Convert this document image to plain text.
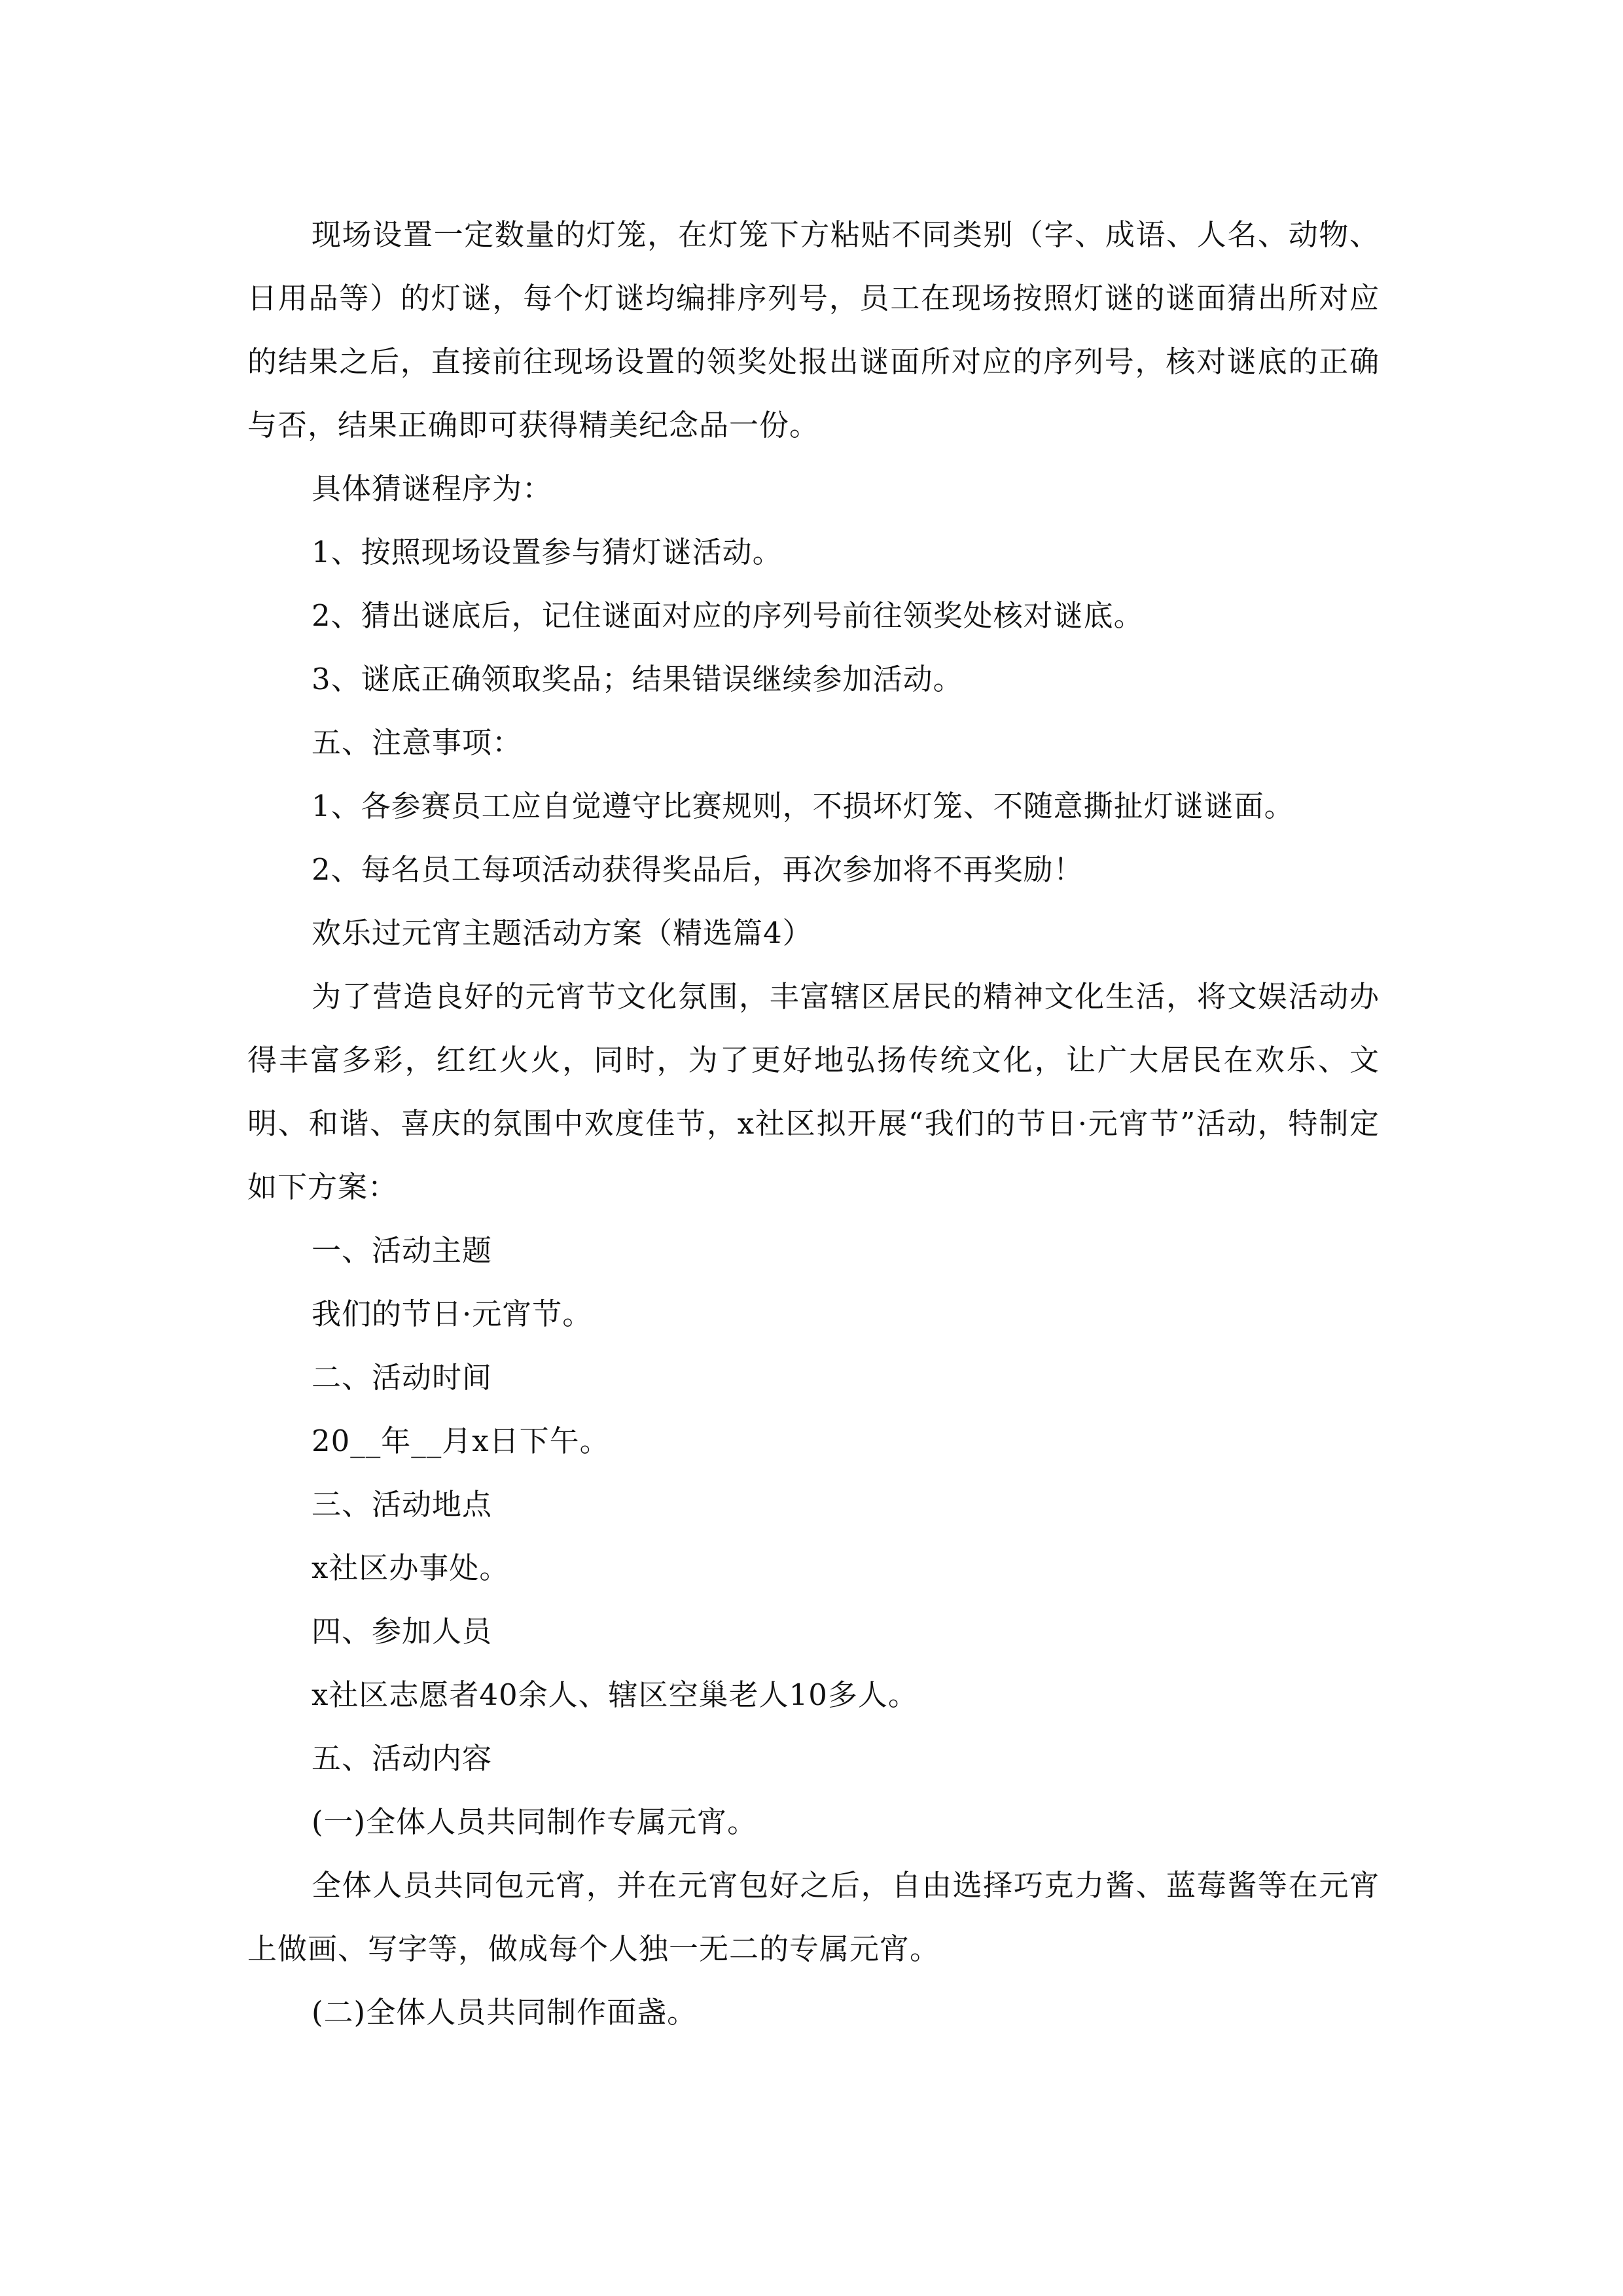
现场设置一定数量的灯笼，在灯笼下方粘贴不同类别（字、成语、人名、动物、日用品等）的灯谜，每个灯谜均编排序列号，员工在现场按照灯谜的谜面猜出所对应的结果之后，直接前往现场设置的领奖处报出谜面所对应的序列号，核对谜底的正确与否，结果正确即可获得精美纪念品一份。

具体猜谜程序为：

1、按照现场设置参与猜灯谜活动。

2、猜出谜底后，记住谜面对应的序列号前往领奖处核对谜底。

3、谜底正确领取奖品；结果错误继续参加活动。

五、注意事项：

1、各参赛员工应自觉遵守比赛规则，不损坏灯笼、不随意撕扯灯谜谜面。

2、每名员工每项活动获得奖品后，再次参加将不再奖励！

欢乐过元宵主题活动方案（精选篇4）

为了营造良好的元宵节文化氛围，丰富辖区居民的精神文化生活，将文娱活动办得丰富多彩，红红火火，同时，为了更好地弘扬传统文化，让广大居民在欢乐、文明、和谐、喜庆的氛围中欢度佳节，x社区拟开展“我们的节日·元宵节”活动，特制定如下方案：

一、活动主题

我们的节日·元宵节。

二、活动时间

20__年__月x日下午。

三、活动地点

x社区办事处。

四、参加人员

x社区志愿者40余人、辖区空巢老人10多人。

五、活动内容

(一)全体人员共同制作专属元宵。

全体人员共同包元宵，并在元宵包好之后，自由选择巧克力酱、蓝莓酱等在元宵上做画、写字等，做成每个人独一无二的专属元宵。

(二)全体人员共同制作面盏。
